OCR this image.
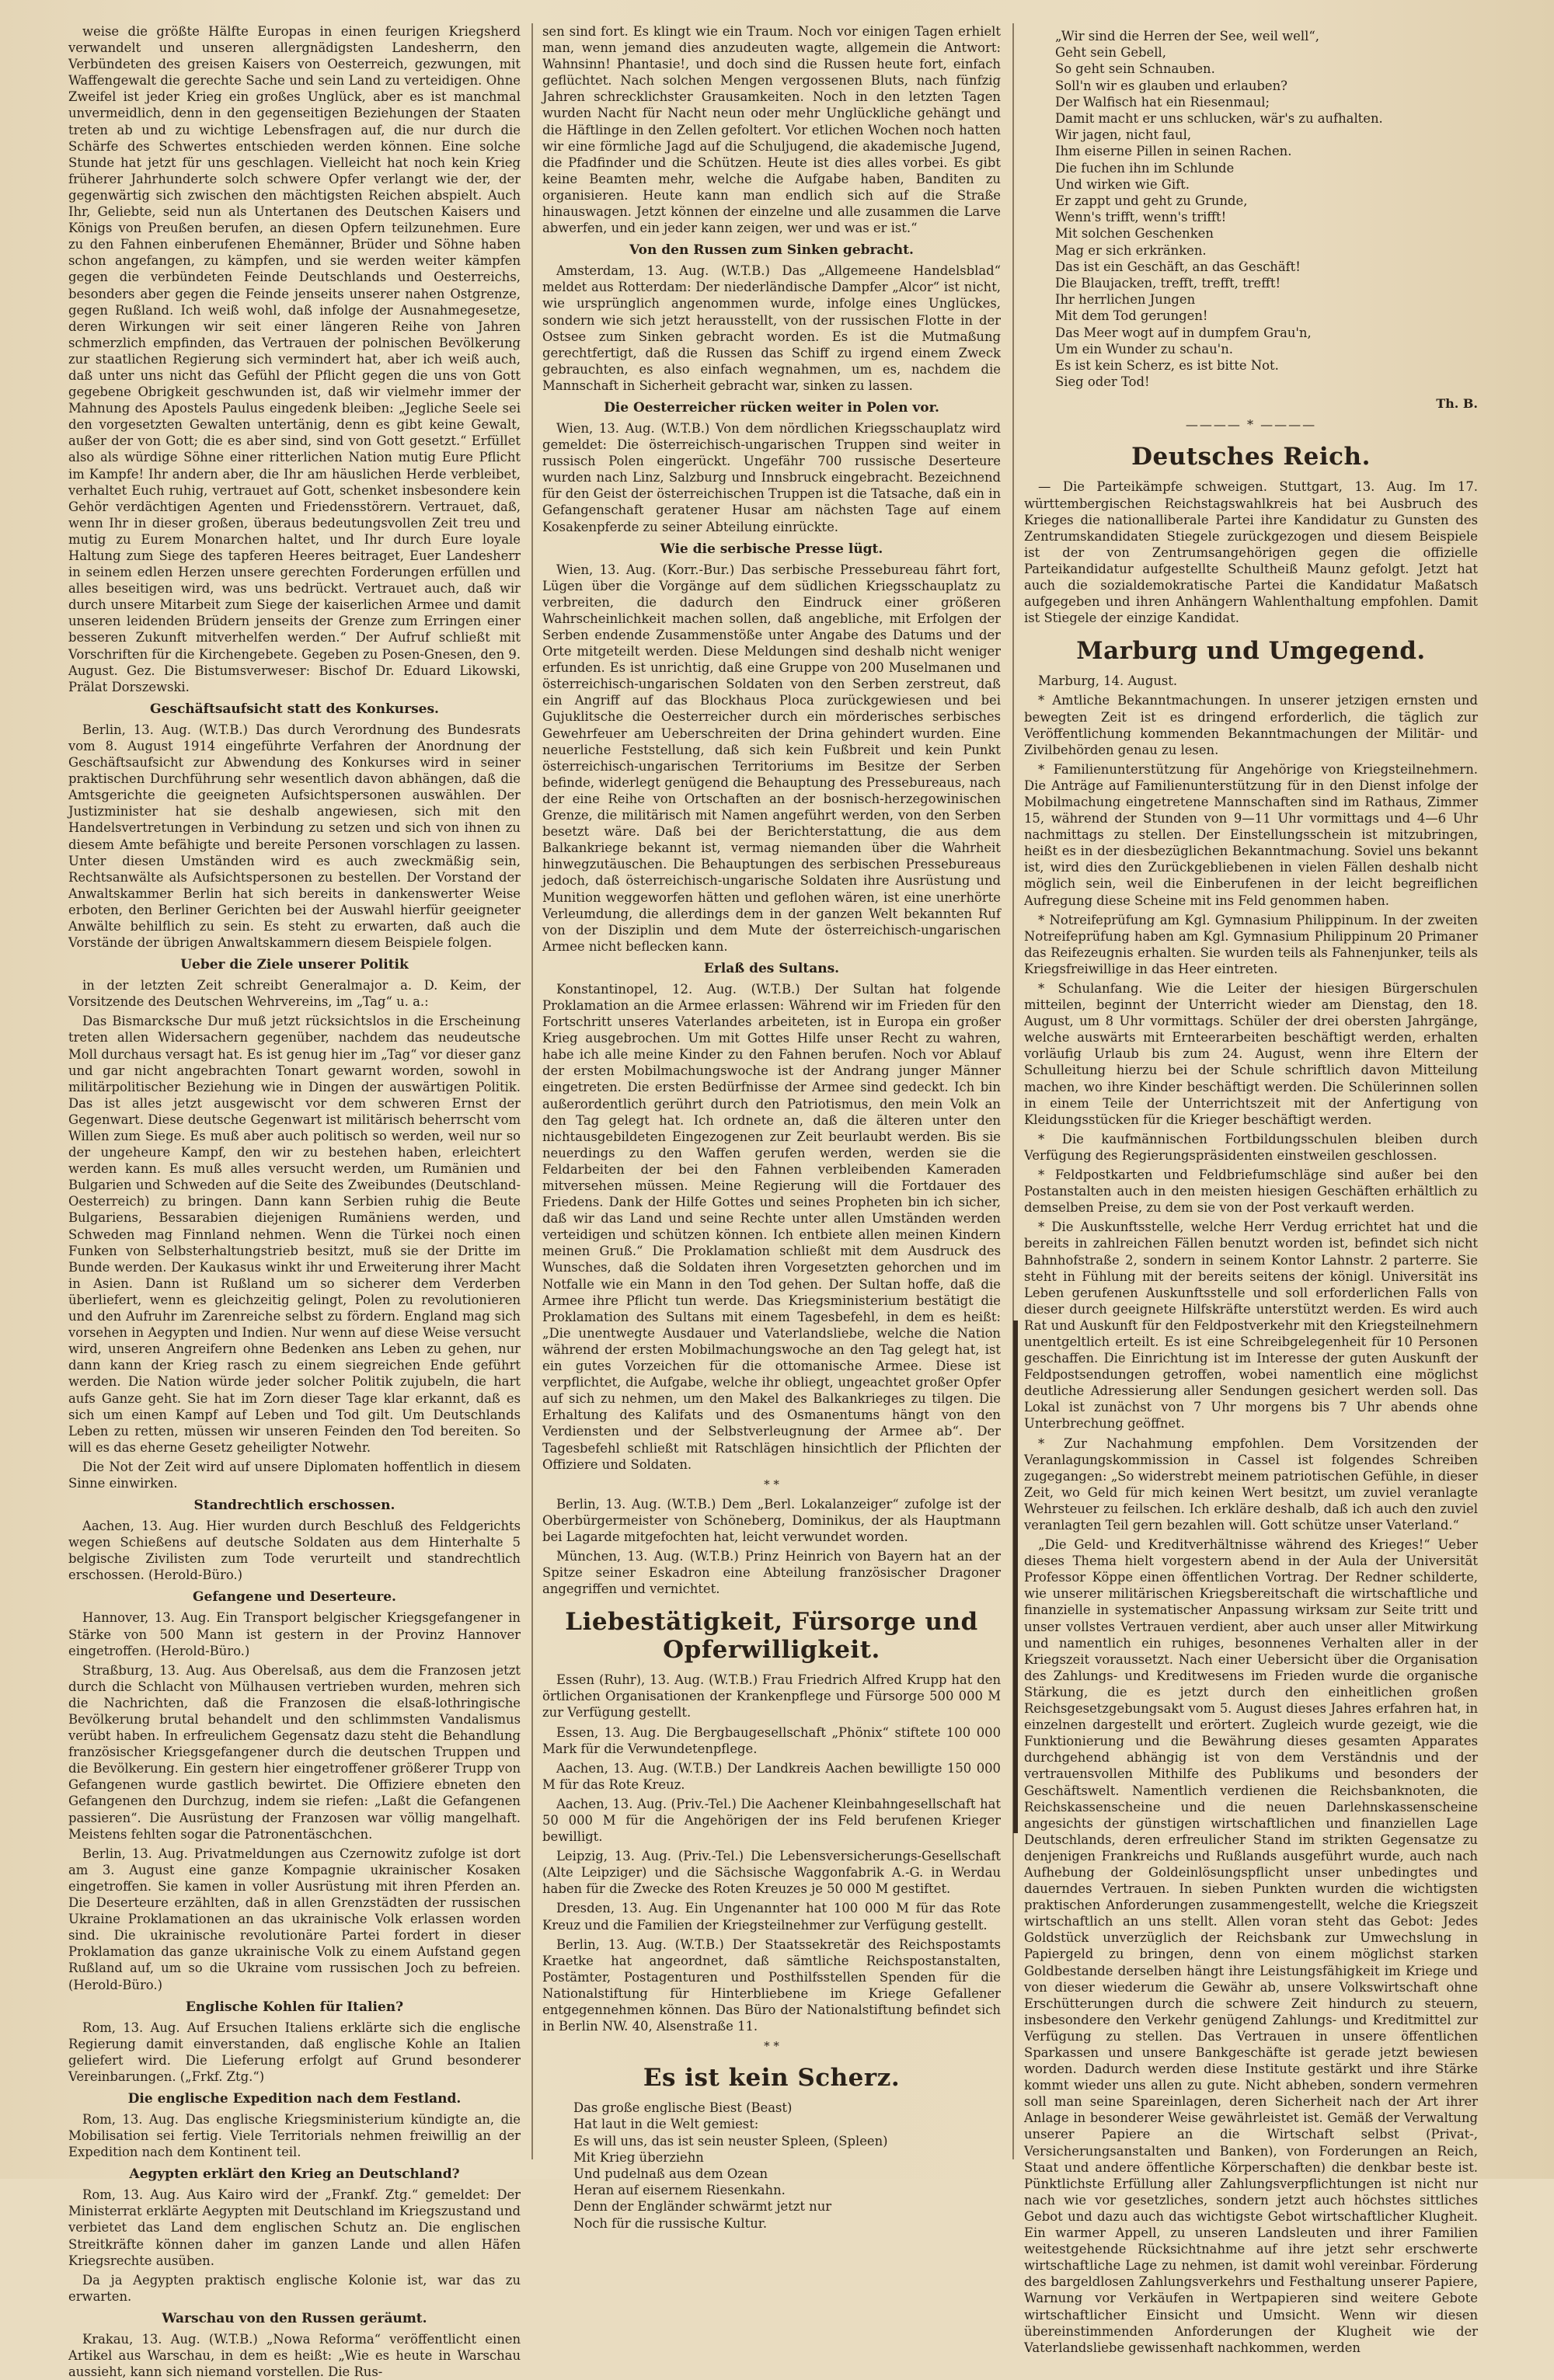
weise die größte Hälfte Europas in einen feurigen Kriegsherd verwandelt und unseren allergnädigsten Landesherrn, den Verbündeten des greisen Kaisers von Oesterreich, gezwungen, mit Waffengewalt die gerechte Sache und sein Land zu verteidigen. Ohne Zweifel ist jeder Krieg ein großes Unglück, aber es ist manchmal unvermeidlich, denn in den gegenseitigen Beziehungen der Staaten treten ab und zu wichtige Lebensfragen auf, die nur durch die Schärfe des Schwertes entschieden werden können. Eine solche Stunde hat jetzt für uns geschlagen. Vielleicht hat noch kein Krieg früherer Jahrhunderte solch schwere Opfer verlangt wie der, der gegenwärtig sich zwischen den mächtigsten Reichen abspielt. Auch Ihr, Geliebte, seid nun als Untertanen des Deutschen Kaisers und Königs von Preußen berufen, an diesen Opfern teilzunehmen. Eure zu den Fahnen einberufenen Ehemänner, Brüder und Söhne haben schon angefangen, zu kämpfen, und sie werden weiter kämpfen gegen die verbündeten Feinde Deutschlands und Oesterreichs, besonders aber gegen die Feinde jenseits unserer nahen Ostgrenze, gegen Rußland. Ich weiß wohl, daß infolge der Ausnahmegesetze, deren Wirkungen wir seit einer längeren Reihe von Jahren schmerzlich empfinden, das Vertrauen der polnischen Bevölkerung zur staatlichen Regierung sich vermindert hat, aber ich weiß auch, daß unter uns nicht das Gefühl der Pflicht gegen die uns von Gott gegebene Obrigkeit geschwunden ist, daß wir vielmehr immer der Mahnung des Apostels Paulus eingedenk bleiben: „Jegliche Seele sei den vorgesetzten Gewalten untertänig, denn es gibt keine Gewalt, außer der von Gott; die es aber sind, sind von Gott gesetzt.“ Erfüllet also als würdige Söhne einer ritterlichen Nation mutig Eure Pflicht im Kampfe! Ihr andern aber, die Ihr am häuslichen Herde verbleibet, verhaltet Euch ruhig, vertrauet auf Gott, schenket insbesondere kein Gehör verdächtigen Agenten und Friedensstörern. Vertrauet, daß, wenn Ihr in dieser großen, überaus bedeutungsvollen Zeit treu und mutig zu Eurem Monarchen haltet, und Ihr durch Eure loyale Haltung zum Siege des tapferen Heeres beitraget, Euer Landesherr in seinem edlen Herzen unsere gerechten Forderungen erfüllen und alles beseitigen wird, was uns bedrückt. Vertrauet auch, daß wir durch unsere Mitarbeit zum Siege der kaiserlichen Armee und damit unseren leidenden Brüdern jenseits der Grenze zum Erringen einer besseren Zukunft mitverhelfen werden.“ Der Aufruf schließt mit Vorschriften für die Kirchengebete. Gegeben zu Posen-Gnesen, den 9. August. Gez. Die Bistumsverweser: Bischof Dr. Eduard Likowski, Prälat Dorszewski.

Geschäftsaufsicht statt des Konkurses.

Berlin, 13. Aug. (W.T.B.) Das durch Verordnung des Bundesrats vom 8. August 1914 eingeführte Verfahren der Anordnung der Geschäftsaufsicht zur Abwendung des Konkurses wird in seiner praktischen Durchführung sehr wesentlich davon abhängen, daß die Amtsgerichte die geeigneten Aufsichtspersonen auswählen. Der Justizminister hat sie deshalb angewiesen, sich mit den Handelsvertretungen in Verbindung zu setzen und sich von ihnen zu diesem Amte befähigte und bereite Personen vorschlagen zu lassen. Unter diesen Umständen wird es auch zweckmäßig sein, Rechtsanwälte als Aufsichtspersonen zu bestellen. Der Vorstand der Anwaltskammer Berlin hat sich bereits in dankenswerter Weise erboten, den Berliner Gerichten bei der Auswahl hierfür geeigneter Anwälte behilflich zu sein. Es steht zu erwarten, daß auch die Vorstände der übrigen Anwaltskammern diesem Beispiele folgen.

Ueber die Ziele unserer Politik

in der letzten Zeit schreibt Generalmajor a. D. Keim, der Vorsitzende des Deutschen Wehrvereins, im „Tag“ u. a.:

Das Bismarcksche Dur muß jetzt rücksichtslos in die Erscheinung treten allen Widersachern gegenüber, nachdem das neudeutsche Moll durchaus versagt hat. Es ist genug hier im „Tag“ vor dieser ganz und gar nicht angebrachten Tonart gewarnt worden, sowohl in militärpolitischer Beziehung wie in Dingen der auswärtigen Politik. Das ist alles jetzt ausgewischt vor dem schweren Ernst der Gegenwart. Diese deutsche Gegenwart ist militärisch beherrscht vom Willen zum Siege. Es muß aber auch politisch so werden, weil nur so der ungeheure Kampf, den wir zu bestehen haben, erleichtert werden kann. Es muß alles versucht werden, um Rumänien und Bulgarien und Schweden auf die Seite des Zweibundes (Deutschland-Oesterreich) zu bringen. Dann kann Serbien ruhig die Beute Bulgariens, Bessarabien diejenigen Rumäniens werden, und Schweden mag Finnland nehmen. Wenn die Türkei noch einen Funken von Selbsterhaltungstrieb besitzt, muß sie der Dritte im Bunde werden. Der Kaukasus winkt ihr und Erweiterung ihrer Macht in Asien. Dann ist Rußland um so sicherer dem Verderben überliefert, wenn es gleichzeitig gelingt, Polen zu revolutionieren und den Aufruhr im Zarenreiche selbst zu fördern. England mag sich vorsehen in Aegypten und Indien. Nur wenn auf diese Weise versucht wird, unseren Angreifern ohne Bedenken ans Leben zu gehen, nur dann kann der Krieg rasch zu einem siegreichen Ende geführt werden. Die Nation würde jeder solcher Politik zujubeln, die hart aufs Ganze geht. Sie hat im Zorn dieser Tage klar erkannt, daß es sich um einen Kampf auf Leben und Tod gilt. Um Deutschlands Leben zu retten, müssen wir unseren Feinden den Tod bereiten. So will es das eherne Gesetz geheiligter Notwehr.

Die Not der Zeit wird auf unsere Diplomaten hoffentlich in diesem Sinne einwirken.

Standrechtlich erschossen.

Aachen, 13. Aug. Hier wurden durch Beschluß des Feldgerichts wegen Schießens auf deutsche Soldaten aus dem Hinterhalte 5 belgische Zivilisten zum Tode verurteilt und standrechtlich erschossen. (Herold-Büro.)

Gefangene und Deserteure.

Hannover, 13. Aug. Ein Transport belgischer Kriegsgefangener in Stärke von 500 Mann ist gestern in der Provinz Hannover eingetroffen. (Herold-Büro.)

Straßburg, 13. Aug. Aus Oberelsaß, aus dem die Franzosen jetzt durch die Schlacht von Mülhausen vertrieben wurden, mehren sich die Nachrichten, daß die Franzosen die elsaß-lothringische Bevölkerung brutal behandelt und den schlimmsten Vandalismus verübt haben. In erfreulichem Gegensatz dazu steht die Behandlung französischer Kriegsgefangener durch die deutschen Truppen und die Bevölkerung. Ein gestern hier eingetroffener größerer Trupp von Gefangenen wurde gastlich bewirtet. Die Offiziere ebneten den Gefangenen den Durchzug, indem sie riefen: „Laßt die Gefangenen passieren“. Die Ausrüstung der Franzosen war völlig mangelhaft. Meistens fehlten sogar die Patronentäschchen.

Berlin, 13. Aug. Privatmeldungen aus Czernowitz zufolge ist dort am 3. August eine ganze Kompagnie ukrainischer Kosaken eingetroffen. Sie kamen in voller Ausrüstung mit ihren Pferden an. Die Deserteure erzählten, daß in allen Grenzstädten der russischen Ukraine Proklamationen an das ukrainische Volk erlassen worden sind. Die ukrainische revolutionäre Partei fordert in dieser Proklamation das ganze ukrainische Volk zu einem Aufstand gegen Rußland auf, um so die Ukraine vom russischen Joch zu befreien. (Herold-Büro.)

Englische Kohlen für Italien?

Rom, 13. Aug. Auf Ersuchen Italiens erklärte sich die englische Regierung damit einverstanden, daß englische Kohle an Italien geliefert wird. Die Lieferung erfolgt auf Grund besonderer Vereinbarungen. („Frkf. Ztg.“)

Die englische Expedition nach dem Festland.

Rom, 13. Aug. Das englische Kriegsministerium kündigte an, die Mobilisation sei fertig. Viele Territorials nehmen freiwillig an der Expedition nach dem Kontinent teil.

Aegypten erklärt den Krieg an Deutschland?

Rom, 13. Aug. Aus Kairo wird der „Frankf. Ztg.“ gemeldet: Der Ministerrat erklärte Aegypten mit Deutschland im Kriegszustand und verbietet das Land dem englischen Schutz an. Die englischen Streitkräfte können daher im ganzen Lande und allen Häfen Kriegsrechte ausüben.

Da ja Aegypten praktisch englische Kolonie ist, war das zu erwarten.

Warschau von den Russen geräumt.

Krakau, 13. Aug. (W.T.B.) „Nowa Reforma“ veröffentlicht einen Artikel aus Warschau, in dem es heißt: „Wie es heute in Warschau aussieht, kann sich niemand vorstellen. Die Rus-

sen sind fort. Es klingt wie ein Traum. Noch vor einigen Tagen erhielt man, wenn jemand dies anzudeuten wagte, allgemein die Antwort: Wahnsinn! Phantasie!, und doch sind die Russen heute fort, einfach geflüchtet. Nach solchen Mengen vergossenen Bluts, nach fünfzig Jahren schrecklichster Grausamkeiten. Noch in den letzten Tagen wurden Nacht für Nacht neun oder mehr Unglückliche gehängt und die Häftlinge in den Zellen gefoltert. Vor etlichen Wochen noch hatten wir eine förmliche Jagd auf die Schuljugend, die akademische Jugend, die Pfadfinder und die Schützen. Heute ist dies alles vorbei. Es gibt keine Beamten mehr, welche die Aufgabe haben, Banditen zu organisieren. Heute kann man endlich sich auf die Straße hinauswagen. Jetzt können der einzelne und alle zusammen die Larve abwerfen, und ein jeder kann zeigen, wer und was er ist.“

Von den Russen zum Sinken gebracht.

Amsterdam, 13. Aug. (W.T.B.) Das „Allgemeene Handelsblad“ meldet aus Rotterdam: Der niederländische Dampfer „Alcor“ ist nicht, wie ursprünglich angenommen wurde, infolge eines Unglückes, sondern wie sich jetzt herausstellt, von der russischen Flotte in der Ostsee zum Sinken gebracht worden. Es ist die Mutmaßung gerechtfertigt, daß die Russen das Schiff zu irgend einem Zweck gebrauchten, es also einfach wegnahmen, um es, nachdem die Mannschaft in Sicherheit gebracht war, sinken zu lassen.

Die Oesterreicher rücken weiter in Polen vor.

Wien, 13. Aug. (W.T.B.) Von dem nördlichen Kriegsschauplatz wird gemeldet: Die österreichisch-ungarischen Truppen sind weiter in russisch Polen eingerückt. Ungefähr 700 russische Deserteure wurden nach Linz, Salzburg und Innsbruck eingebracht. Bezeichnend für den Geist der österreichischen Truppen ist die Tatsache, daß ein in Gefangenschaft geratener Husar am nächsten Tage auf einem Kosakenpferde zu seiner Abteilung einrückte.

Wie die serbische Presse lügt.

Wien, 13. Aug. (Korr.-Bur.) Das serbische Pressebureau fährt fort, Lügen über die Vorgänge auf dem südlichen Kriegsschauplatz zu verbreiten, die dadurch den Eindruck einer größeren Wahrscheinlichkeit machen sollen, daß angebliche, mit Erfolgen der Serben endende Zusammenstöße unter Angabe des Datums und der Orte mitgeteilt werden. Diese Meldungen sind deshalb nicht weniger erfunden. Es ist unrichtig, daß eine Gruppe von 200 Muselmanen und österreichisch-ungarischen Soldaten von den Serben zerstreut, daß ein Angriff auf das Blockhaus Ploca zurückgewiesen und bei Gujuklitsche die Oesterreicher durch ein mörderisches serbisches Gewehrfeuer am Ueberschreiten der Drina gehindert wurden. Eine neuerliche Feststellung, daß sich kein Fußbreit und kein Punkt österreichisch-ungarischen Territoriums im Besitze der Serben befinde, widerlegt genügend die Behauptung des Pressebureaus, nach der eine Reihe von Ortschaften an der bosnisch-herzegowinischen Grenze, die militärisch mit Namen angeführt werden, von den Serben besetzt wäre. Daß bei der Berichterstattung, die aus dem Balkankriege bekannt ist, vermag niemanden über die Wahrheit hinwegzutäuschen. Die Behauptungen des serbischen Pressebureaus jedoch, daß österreichisch-ungarische Soldaten ihre Ausrüstung und Munition weggeworfen hätten und geflohen wären, ist eine unerhörte Verleumdung, die allerdings dem in der ganzen Welt bekannten Ruf von der Disziplin und dem Mute der österreichisch-ungarischen Armee nicht beflecken kann.

Erlaß des Sultans.

Konstantinopel, 12. Aug. (W.T.B.) Der Sultan hat folgende Proklamation an die Armee erlassen: Während wir im Frieden für den Fortschritt unseres Vaterlandes arbeiteten, ist in Europa ein großer Krieg ausgebrochen. Um mit Gottes Hilfe unser Recht zu wahren, habe ich alle meine Kinder zu den Fahnen berufen. Noch vor Ablauf der ersten Mobilmachungswoche ist der Andrang junger Männer eingetreten. Die ersten Bedürfnisse der Armee sind gedeckt. Ich bin außerordentlich gerührt durch den Patriotismus, den mein Volk an den Tag gelegt hat. Ich ordnete an, daß die älteren unter den nichtausgebildeten Eingezogenen zur Zeit beurlaubt werden. Bis sie neuerdings zu den Waffen gerufen werden, werden sie die Feldarbeiten der bei den Fahnen verbleibenden Kameraden mitversehen müssen. Meine Regierung will die Fortdauer des Friedens. Dank der Hilfe Gottes und seines Propheten bin ich sicher, daß wir das Land und seine Rechte unter allen Umständen werden verteidigen und schützen können. Ich entbiete allen meinen Kindern meinen Gruß.“ Die Proklamation schließt mit dem Ausdruck des Wunsches, daß die Soldaten ihren Vorgesetzten gehorchen und im Notfalle wie ein Mann in den Tod gehen. Der Sultan hoffe, daß die Armee ihre Pflicht tun werde. Das Kriegsministerium bestätigt die Proklamation des Sultans mit einem Tagesbefehl, in dem es heißt: „Die unentwegte Ausdauer und Vaterlandsliebe, welche die Nation während der ersten Mobilmachungswoche an den Tag gelegt hat, ist ein gutes Vorzeichen für die ottomanische Armee. Diese ist verpflichtet, die Aufgabe, welche ihr obliegt, ungeachtet großer Opfer auf sich zu nehmen, um den Makel des Balkankrieges zu tilgen. Die Erhaltung des Kalifats und des Osmanentums hängt von den Verdiensten und der Selbstverleugnung der Armee ab“. Der Tagesbefehl schließt mit Ratschlägen hinsichtlich der Pflichten der Offiziere und Soldaten.

* *

Berlin, 13. Aug. (W.T.B.) Dem „Berl. Lokalanzeiger“ zufolge ist der Oberbürgermeister von Schöneberg, Dominikus, der als Hauptmann bei Lagarde mitgefochten hat, leicht verwundet worden.

München, 13. Aug. (W.T.B.) Prinz Heinrich von Bayern hat an der Spitze seiner Eskadron eine Abteilung französischer Dragoner angegriffen und vernichtet.

Liebestätigkeit, Fürsorge und Opferwilligkeit.

Essen (Ruhr), 13. Aug. (W.T.B.) Frau Friedrich Alfred Krupp hat den örtlichen Organisationen der Krankenpflege und Fürsorge 500 000 M zur Verfügung gestellt.

Essen, 13. Aug. Die Bergbaugesellschaft „Phönix“ stiftete 100 000 Mark für die Verwundetenpflege.

Aachen, 13. Aug. (W.T.B.) Der Landkreis Aachen bewilligte 150 000 M für das Rote Kreuz.

Aachen, 13. Aug. (Priv.-Tel.) Die Aachener Kleinbahngesellschaft hat 50 000 M für die Angehörigen der ins Feld berufenen Krieger bewilligt.

Leipzig, 13. Aug. (Priv.-Tel.) Die Lebensversicherungs-Gesellschaft (Alte Leipziger) und die Sächsische Waggonfabrik A.-G. in Werdau haben für die Zwecke des Roten Kreuzes je 50 000 M gestiftet.

Dresden, 13. Aug. Ein Ungenannter hat 100 000 M für das Rote Kreuz und die Familien der Kriegsteilnehmer zur Verfügung gestellt.

Berlin, 13. Aug. (W.T.B.) Der Staatssekretär des Reichspostamts Kraetke hat angeordnet, daß sämtliche Reichspostanstalten, Postämter, Postagenturen und Posthilfsstellen Spenden für die Nationalstiftung für Hinterbliebene im Kriege Gefallener entgegennehmen können. Das Büro der Nationalstiftung befindet sich in Berlin NW. 40, Alsenstraße 11.

* *
Es ist kein Scherz.
Das große englische Biest (Beast)
Hat laut in die Welt gemiest:
Es will uns, das ist sein neuster Spleen, (Spleen)
Mit Krieg überziehn
Und pudelnaß aus dem Ozean
Heran auf eisernem Riesenkahn.
Denn der Engländer schwärmt jetzt nur
Noch für die russische Kultur.
„Wir sind die Herren der See, weil well“,
Geht sein Gebell,
So geht sein Schnauben.
Soll'n wir es glauben und erlauben?
Der Walfisch hat ein Riesenmaul;
Damit macht er uns schlucken, wär's zu aufhalten.
Wir jagen, nicht faul,
Ihm eiserne Pillen in seinen Rachen.
Die fuchen ihn im Schlunde
Und wirken wie Gift.
Er zappt und geht zu Grunde,
Wenn's trifft, wenn's trifft!
Mit solchen Geschenken
Mag er sich erkränken.
Das ist ein Geschäft, an das Geschäft!
Die Blaujacken, trefft, trefft, trefft!
Ihr herrlichen Jungen
Mit dem Tod gerungen!
Das Meer wogt auf in dumpfem Grau'n,
Um ein Wunder zu schau'n.
Es ist kein Scherz, es ist bitte Not.
Sieg oder Tod!
Th. B.
———— * ————
Deutsches Reich.

— Die Parteikämpfe schweigen. Stuttgart, 13. Aug. Im 17. württembergischen Reichstagswahlkreis hat bei Ausbruch des Krieges die nationalliberale Partei ihre Kandidatur zu Gunsten des Zentrumskandidaten Stiegele zurückgezogen und diesem Beispiele ist der von Zentrumsangehörigen gegen die offizielle Parteikandidatur aufgestellte Schultheiß Maunz gefolgt. Jetzt hat auch die sozialdemokratische Partei die Kandidatur Maßatsch aufgegeben und ihren Anhängern Wahlenthaltung empfohlen. Damit ist Stiegele der einzige Kandidat.

Marburg und Umgegend.

Marburg, 14. August.

* Amtliche Bekanntmachungen. In unserer jetzigen ernsten und bewegten Zeit ist es dringend erforderlich, die täglich zur Veröffentlichung kommenden Bekanntmachungen der Militär- und Zivilbehörden genau zu lesen.

* Familienunterstützung für Angehörige von Kriegsteilnehmern. Die Anträge auf Familienunterstützung für in den Dienst infolge der Mobilmachung eingetretene Mannschaften sind im Rathaus, Zimmer 15, während der Stunden von 9—11 Uhr vormittags und 4—6 Uhr nachmittags zu stellen. Der Einstellungsschein ist mitzubringen, heißt es in der diesbezüglichen Bekanntmachung. Soviel uns bekannt ist, wird dies den Zurückgebliebenen in vielen Fällen deshalb nicht möglich sein, weil die Einberufenen in der leicht begreiflichen Aufregung diese Scheine mit ins Feld genommen haben.

* Notreifeprüfung am Kgl. Gymnasium Philippinum. In der zweiten Notreifeprüfung haben am Kgl. Gymnasium Philippinum 20 Primaner das Reifezeugnis erhalten. Sie wurden teils als Fahnenjunker, teils als Kriegsfreiwillige in das Heer eintreten.

* Schulanfang. Wie die Leiter der hiesigen Bürgerschulen mitteilen, beginnt der Unterricht wieder am Dienstag, den 18. August, um 8 Uhr vormittags. Schüler der drei obersten Jahrgänge, welche auswärts mit Ernteerarbeiten beschäftigt werden, erhalten vorläufig Urlaub bis zum 24. August, wenn ihre Eltern der Schulleitung hierzu bei der Schule schriftlich davon Mitteilung machen, wo ihre Kinder beschäftigt werden. Die Schülerinnen sollen in einem Teile der Unterrichtszeit mit der Anfertigung von Kleidungsstücken für die Krieger beschäftigt werden.

* Die kaufmännischen Fortbildungsschulen bleiben durch Verfügung des Regierungspräsidenten einstweilen geschlossen.

* Feldpostkarten und Feldbriefumschläge sind außer bei den Postanstalten auch in den meisten hiesigen Geschäften erhältlich zu demselben Preise, zu dem sie von der Post verkauft werden.

* Die Auskunftsstelle, welche Herr Verdug errichtet hat und die bereits in zahlreichen Fällen benutzt worden ist, befindet sich nicht Bahnhofstraße 2, sondern in seinem Kontor Lahnstr. 2 parterre. Sie steht in Fühlung mit der bereits seitens der königl. Universität ins Leben gerufenen Auskunftsstelle und soll erforderlichen Falls von dieser durch geeignete Hilfskräfte unterstützt werden. Es wird auch Rat und Auskunft für den Feldpostverkehr mit den Kriegsteilnehmern unentgeltlich erteilt. Es ist eine Schreibgelegenheit für 10 Personen geschaffen. Die Einrichtung ist im Interesse der guten Auskunft der Feldpostsendungen getroffen, wobei namentlich eine möglichst deutliche Adressierung aller Sendungen gesichert werden soll. Das Lokal ist zunächst von 7 Uhr morgens bis 7 Uhr abends ohne Unterbrechung geöffnet.

* Zur Nachahmung empfohlen. Dem Vorsitzenden der Veranlagungskommission in Cassel ist folgendes Schreiben zugegangen: „So widerstrebt meinem patriotischen Gefühle, in dieser Zeit, wo Geld für mich keinen Wert besitzt, um zuviel veranlagte Wehrsteuer zu feilschen. Ich erkläre deshalb, daß ich auch den zuviel veranlagten Teil gern bezahlen will. Gott schütze unser Vaterland.“

„Die Geld- und Kreditverhältnisse während des Krieges!“ Ueber dieses Thema hielt vorgestern abend in der Aula der Universität Professor Köppe einen öffentlichen Vortrag. Der Redner schilderte, wie unserer militärischen Kriegsbereitschaft die wirtschaftliche und finanzielle in systematischer Anpassung wirksam zur Seite tritt und unser vollstes Vertrauen verdient, aber auch unser aller Mitwirkung und namentlich ein ruhiges, besonnenes Verhalten aller in der Kriegszeit voraussetzt. Nach einer Uebersicht über die Organisation des Zahlungs- und Kreditwesens im Frieden wurde die organische Stärkung, die es jetzt durch den einheitlichen großen Reichsgesetzgebungsakt vom 5. August dieses Jahres erfahren hat, in einzelnen dargestellt und erörtert. Zugleich wurde gezeigt, wie die Funktionierung und die Bewährung dieses gesamten Apparates durchgehend abhängig ist von dem Verständnis und der vertrauensvollen Mithilfe des Publikums und besonders der Geschäftswelt. Namentlich verdienen die Reichsbanknoten, die Reichskassenscheine und die neuen Darlehnskassenscheine angesichts der günstigen wirtschaftlichen und finanziellen Lage Deutschlands, deren erfreulicher Stand im strikten Gegensatze zu denjenigen Frankreichs und Rußlands ausgeführt wurde, auch nach Aufhebung der Goldeinlösungspflicht unser unbedingtes und dauerndes Vertrauen. In sieben Punkten wurden die wichtigsten praktischen Anforderungen zusammengestellt, welche die Kriegszeit wirtschaftlich an uns stellt. Allen voran steht das Gebot: Jedes Goldstück unverzüglich der Reichsbank zur Umwechslung in Papiergeld zu bringen, denn von einem möglichst starken Goldbestande derselben hängt ihre Leistungsfähigkeit im Kriege und von dieser wiederum die Gewähr ab, unsere Volkswirtschaft ohne Erschütterungen durch die schwere Zeit hindurch zu steuern, insbesondere den Verkehr genügend Zahlungs- und Kreditmittel zur Verfügung zu stellen. Das Vertrauen in unsere öffentlichen Sparkassen und unsere Bankgeschäfte ist gerade jetzt bewiesen worden. Dadurch werden diese Institute gestärkt und ihre Stärke kommt wieder uns allen zu gute. Nicht abheben, sondern vermehren soll man seine Spareinlagen, deren Sicherheit nach der Art ihrer Anlage in besonderer Weise gewährleistet ist. Gemäß der Verwaltung unserer Papiere an die Wirtschaft selbst (Privat-, Versicherungsanstalten und Banken), von Forderungen an Reich, Staat und andere öffentliche Körperschaften) die denkbar beste ist. Pünktlichste Erfüllung aller Zahlungsverpflichtungen ist nicht nur nach wie vor gesetzliches, sondern jetzt auch höchstes sittliches Gebot und dazu auch das wichtigste Gebot wirtschaftlicher Klugheit. Ein warmer Appell, zu unseren Landsleuten und ihrer Familien weitestgehende Rücksichtnahme auf ihre jetzt sehr erschwerte wirtschaftliche Lage zu nehmen, ist damit wohl vereinbar. Förderung des bargeldlosen Zahlungsverkehrs und Festhaltung unserer Papiere, Warnung vor Verkäufen in Wertpapieren sind weitere Gebote wirtschaftlicher Einsicht und Umsicht. Wenn wir diesen übereinstimmenden Anforderungen der Klugheit wie der Vaterlandsliebe gewissenhaft nachkommen, werden
